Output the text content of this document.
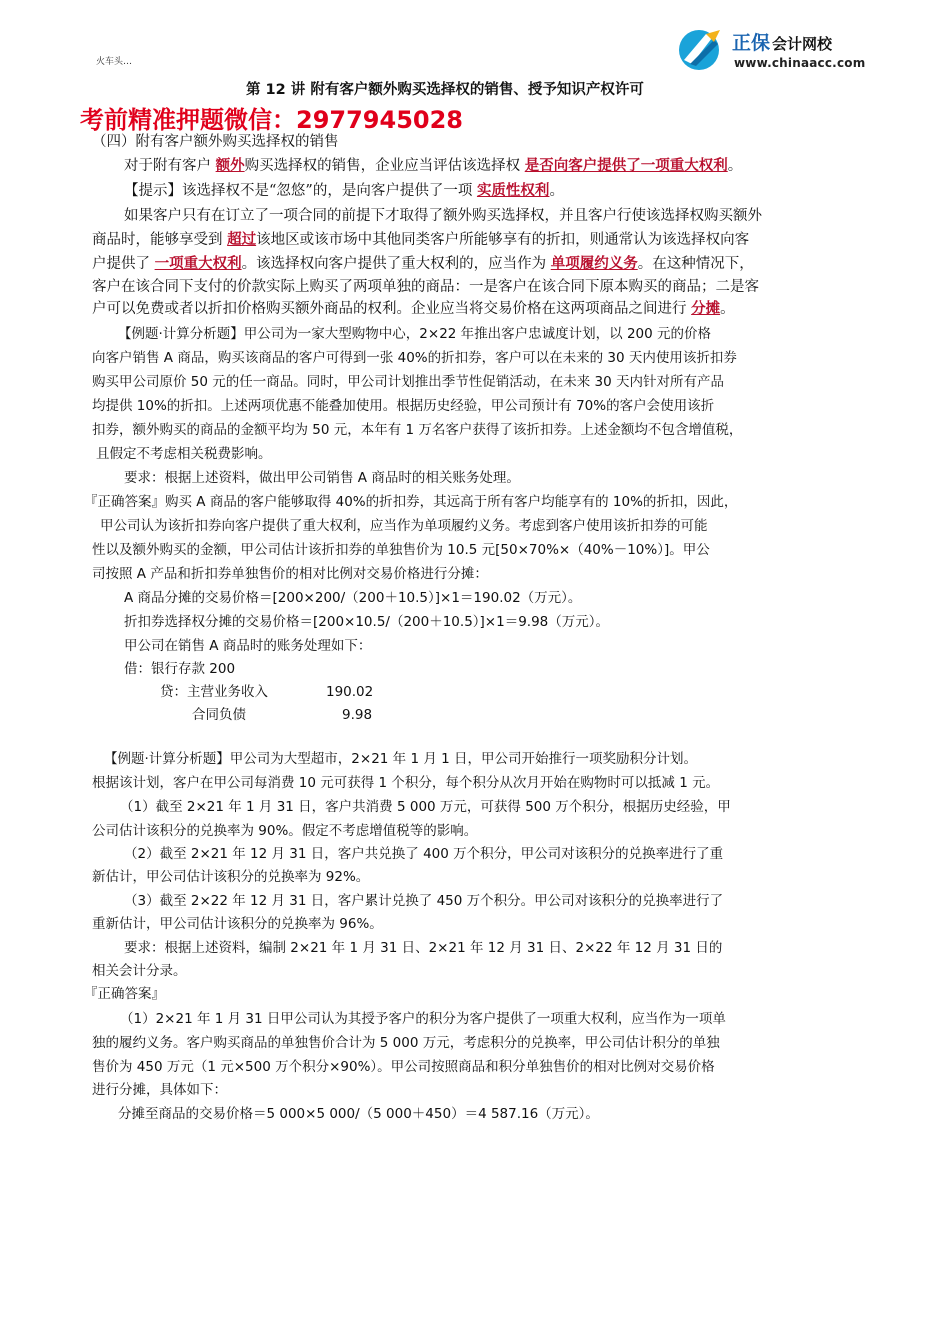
火车头…
正保 会计网校
www.chinaacc.com
第 12 讲 附有客户额外购买选择权的销售、授予知识产权许可
考前精准押题微信：2977945028
（四）附有客户额外购买选择权的销售
对于附有客户 额外购买选择权的销售，企业应当评估该选择权 是否向客户提供了一项重大权利。
【提示】该选择权不是“忽悠”的，是向客户提供了一项 实质性权利。
如果客户只有在订立了一项合同的前提下才取得了额外购买选择权，并且客户行使该选择权购买额外
商品时，能够享受到 超过该地区或该市场中其他同类客户所能够享有的折扣，则通常认为该选择权向客
户提供了 一项重大权利。该选择权向客户提供了重大权利的，应当作为 单项履约义务。在这种情况下，
客户在该合同下支付的价款实际上购买了两项单独的商品：一是客户在该合同下原本购买的商品；二是客
户可以免费或者以折扣价格购买额外商品的权利。企业应当将交易价格在这两项商品之间进行 分摊。
【例题·计算分析题】甲公司为一家大型购物中心，2×22 年推出客户忠诚度计划，以 200 元的价格
向客户销售 A 商品，购买该商品的客户可得到一张 40%的折扣券，客户可以在未来的 30 天内使用该折扣券
购买甲公司原价 50 元的任一商品。同时，甲公司计划推出季节性促销活动，在未来 30 天内针对所有产品
均提供 10%的折扣。上述两项优惠不能叠加使用。根据历史经验，甲公司预计有 70%的客户会使用该折
扣券，额外购买的商品的金额平均为 50 元，本年有 1 万名客户获得了该折扣券。上述金额均不包含增值税，
且假定不考虑相关税费影响。
要求：根据上述资料，做出甲公司销售 A 商品时的相关账务处理。
『正确答案』购买 A 商品的客户能够取得 40%的折扣券，其远高于所有客户均能享有的 10%的折扣，因此，
甲公司认为该折扣券向客户提供了重大权利，应当作为单项履约义务。考虑到客户使用该折扣券的可能
性以及额外购买的金额，甲公司估计该折扣券的单独售价为 10.5 元[50×70%×（40%－10%）]。甲公
司按照 A 产品和折扣券单独售价的相对比例对交易价格进行分摊：
A 商品分摊的交易价格＝[200×200/（200＋10.5）]×1＝190.02（万元）。
折扣券选择权分摊的交易价格＝[200×10.5/（200＋10.5）]×1＝9.98（万元）。
甲公司在销售 A 商品时的账务处理如下：
借：银行存款 200
贷：主营业务收入	190.02
合同负债	9.98
【例题·计算分析题】甲公司为大型超市，2×21 年 1 月 1 日，甲公司开始推行一项奖励积分计划。
根据该计划，客户在甲公司每消费 10 元可获得 1 个积分，每个积分从次月开始在购物时可以抵减 1 元。
（1）截至 2×21 年 1 月 31 日，客户共消费 5 000 万元，可获得 500 万个积分，根据历史经验，甲
公司估计该积分的兑换率为 90%。假定不考虑增值税等的影响。
（2）截至 2×21 年 12 月 31 日，客户共兑换了 400 万个积分，甲公司对该积分的兑换率进行了重
新估计，甲公司估计该积分的兑换率为 92%。
（3）截至 2×22 年 12 月 31 日，客户累计兑换了 450 万个积分。甲公司对该积分的兑换率进行了
重新估计，甲公司估计该积分的兑换率为 96%。
要求：根据上述资料，编制 2×21 年 1 月 31 日、2×21 年 12 月 31 日、2×22 年 12 月 31 日的
相关会计分录。
『正确答案』
（1）2×21 年 1 月 31 日甲公司认为其授予客户的积分为客户提供了一项重大权利，应当作为一项单
独的履约义务。客户购买商品的单独售价合计为 5 000 万元，考虑积分的兑换率，甲公司估计积分的单独
售价为 450 万元（1 元×500 万个积分×90%）。甲公司按照商品和积分单独售价的相对比例对交易价格
进行分摊，具体如下：
分摊至商品的交易价格＝5 000×5 000/（5 000＋450）＝4 587.16（万元）。
